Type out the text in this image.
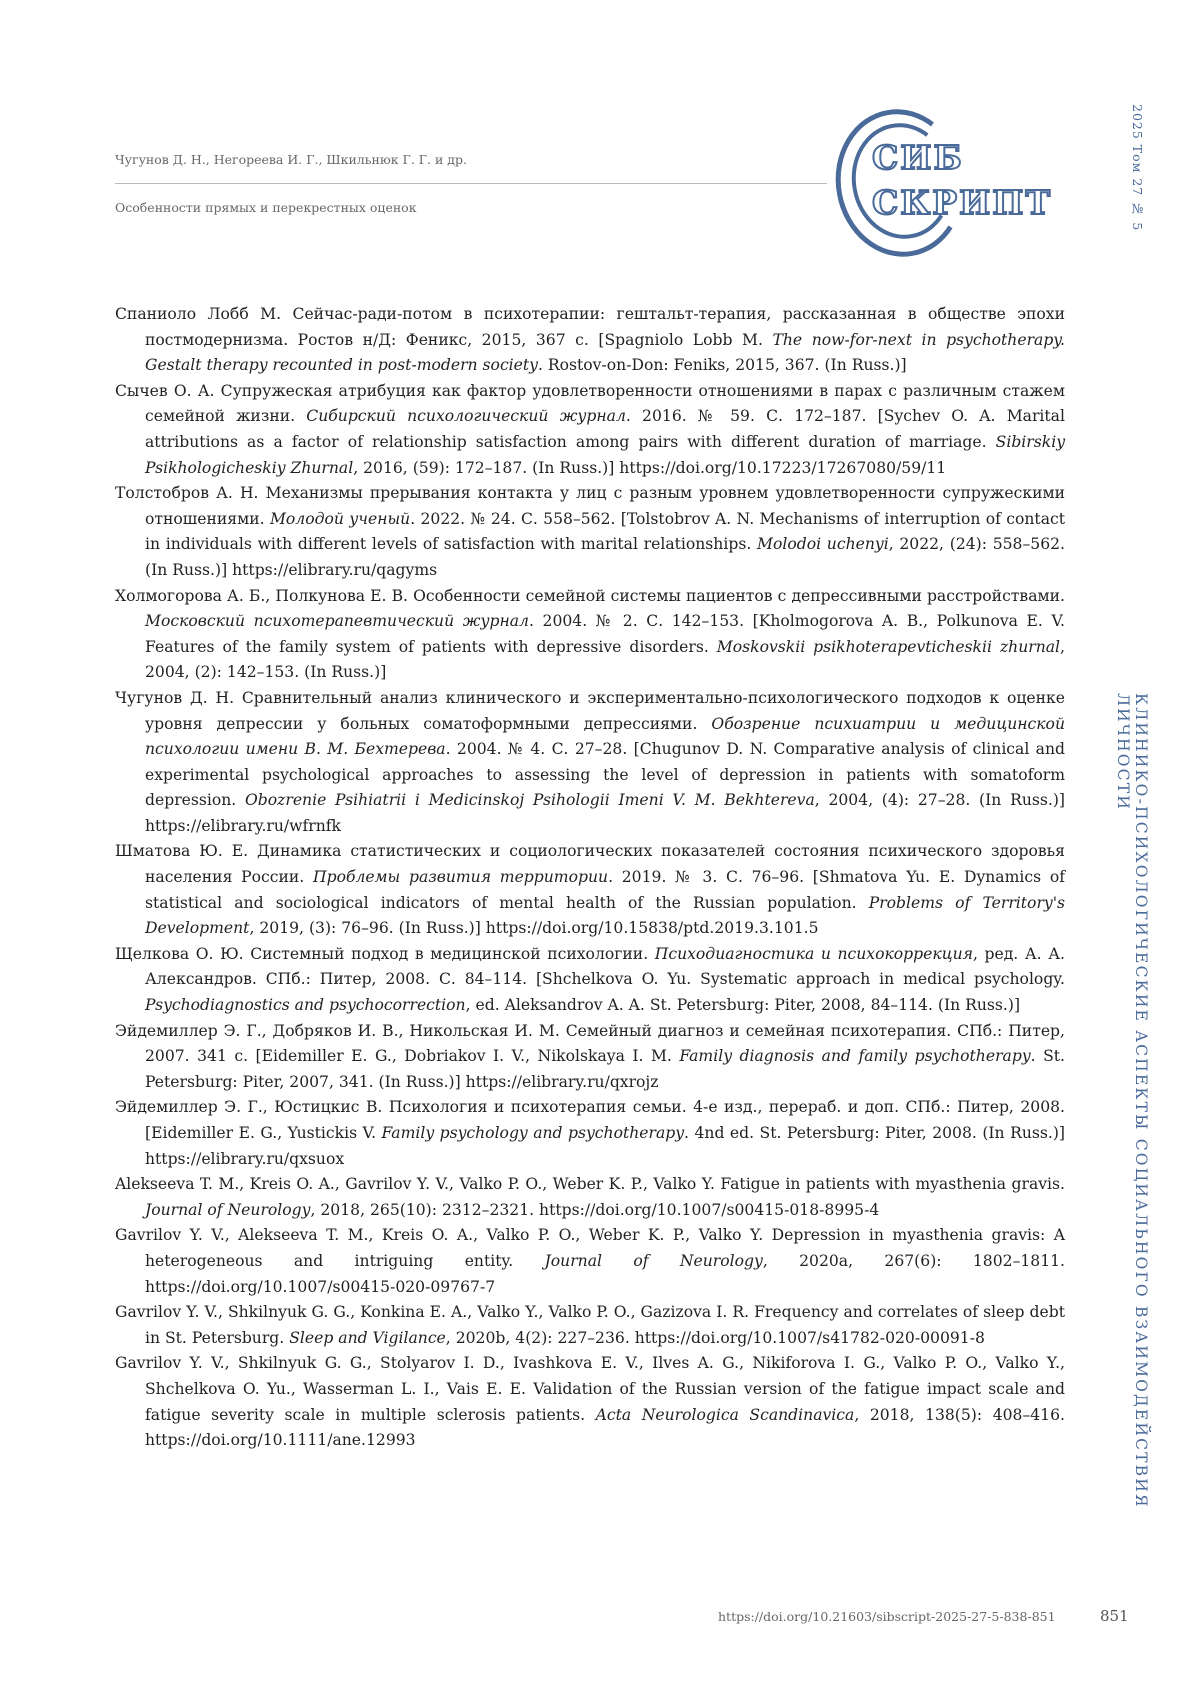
Чугунов Д. Н., Негореева И. Г., Шкильнюк Г. Г. и др.
Особенности прямых и перекрестных оценок
СИБ
СКРИПТ	2025 Том 27 № 5
КЛИНИКО-ПСИХОЛОГИЧЕСКИЕ АСПЕКТЫ СОЦИАЛЬНОГО ВЗАИМОДЕЙСТВИЯ ЛИЧНОСТИ

Спаниоло Лобб М. Сейчас-ради-потом в психотерапии: гештальт-терапия, рассказанная в обществе эпохи постмодернизма. Ростов н/Д: Феникс, 2015, 367 с. [Spagniolo Lobb M. The now-for-next in psychotherapy. Gestalt therapy recounted in post-modern society. Rostov-on-Don: Feniks, 2015, 367. (In Russ.)]

Сычев О. А. Супружеская атрибуция как фактор удовлетворенности отношениями в парах с различным стажем семейной жизни. Сибирский психологический журнал. 2016. № 59. С. 172–187. [Sychev O. A. Marital attributions as a factor of relationship satisfaction among pairs with different duration of marriage. Sibirskiy Psikhologicheskiy Zhurnal, 2016, (59): 172–187. (In Russ.)] https://doi.org/10.17223/17267080/59/11

Толстобров А. Н. Механизмы прерывания контакта у лиц с разным уровнем удовлетворенности супружескими отношениями. Молодой ученый. 2022. № 24. С. 558–562. [Tolstobrov A. N. Mechanisms of interruption of contact in individuals with different levels of satisfaction with marital relationships. Molodoi uchenyi, 2022, (24): 558–562. (In Russ.)] https://elibrary.ru/qagyms

Холмогорова А. Б., Полкунова Е. В. Особенности семейной системы пациентов с депрессивными расстройствами. Московский психотерапевтический журнал. 2004. № 2. С. 142–153. [Kholmogorova A. B., Polkunova E. V. Features of the family system of patients with depressive disorders. Moskovskii psikhoterapevticheskii zhurnal, 2004, (2): 142–153. (In Russ.)]

Чугунов Д. Н. Сравнительный анализ клинического и экспериментально-психологического подходов к оценке уровня депрессии у больных соматоформными депрессиями. Обозрение психиатрии и медицинской психологии имени В. М. Бехтерева. 2004. № 4. С. 27–28. [Chugunov D. N. Comparative analysis of clinical and experimental psychological approaches to assessing the level of depression in patients with somatoform depression. Obozrenie Psihiatrii i Medicinskoj Psihologii Imeni V. M. Bekhtereva, 2004, (4): 27–28. (In Russ.)] https://elibrary.ru/wfrnfk

Шматова Ю. Е. Динамика статистических и социологических показателей состояния психического здоровья населения России. Проблемы развития территории. 2019. № 3. С. 76–96. [Shmatova Yu. E. Dynamics of statistical and sociological indicators of mental health of the Russian population. Problems of Territory's Development, 2019, (3): 76–96. (In Russ.)] https://doi.org/10.15838/ptd.2019.3.101.5

Щелкова О. Ю. Системный подход в медицинской психологии. Психодиагностика и психокоррекция, ред. А. А. Александров. СПб.: Питер, 2008. С. 84–114. [Shchelkova O. Yu. Systematic approach in medical psychology. Psychodiagnostics and psychocorrection, ed. Aleksandrov A. A. St. Petersburg: Piter, 2008, 84–114. (In Russ.)]

Эйдемиллер Э. Г., Добряков И. В., Никольская И. М. Семейный диагноз и семейная психотерапия. СПб.: Питер, 2007. 341 с. [Eidemiller E. G., Dobriakov I. V., Nikolskaya I. M. Family diagnosis and family psychotherapy. St. Petersburg: Piter, 2007, 341. (In Russ.)] https://elibrary.ru/qxrojz

Эйдемиллер Э. Г., Юстицкис В. Психология и психотерапия семьи. 4-е изд., перераб. и доп. СПб.: Питер, 2008. [Eidemiller E. G., Yustickis V. Family psychology and psychotherapy. 4nd ed. St. Petersburg: Piter, 2008. (In Russ.)] https://elibrary.ru/qxsuox

Alekseeva T. M., Kreis O. A., Gavrilov Y. V., Valko P. O., Weber K. P., Valko Y. Fatigue in patients with myasthenia gravis. Journal of Neurology, 2018, 265(10): 2312–2321. https://doi.org/10.1007/s00415-018-8995-4

Gavrilov Y. V., Alekseeva T. M., Kreis O. A., Valko P. O., Weber K. P., Valko Y. Depression in myasthenia gravis: A heterogeneous and intriguing entity. Journal of Neurology, 2020a, 267(6): 1802–1811. https://doi.org/10.1007/s00415-020-09767-7

Gavrilov Y. V., Shkilnyuk G. G., Konkina E. A., Valko Y., Valko P. O., Gazizova I. R. Frequency and correlates of sleep debt in St. Petersburg. Sleep and Vigilance, 2020b, 4(2): 227–236. https://doi.org/10.1007/s41782-020-00091-8

Gavrilov Y. V., Shkilnyuk G. G., Stolyarov I. D., Ivashkova E. V., Ilves A. G., Nikiforova I. G., Valko P. O., Valko Y., Shchelkova O. Yu., Wasserman L. I., Vais E. E. Validation of the Russian version of the fatigue impact scale and fatigue severity scale in multiple sclerosis patients. Acta Neurologica Scandinavica, 2018, 138(5): 408–416. https://doi.org/10.1111/ane.12993

https://doi.org/10.21603/sibscript-2025-27-5-838-851	851
